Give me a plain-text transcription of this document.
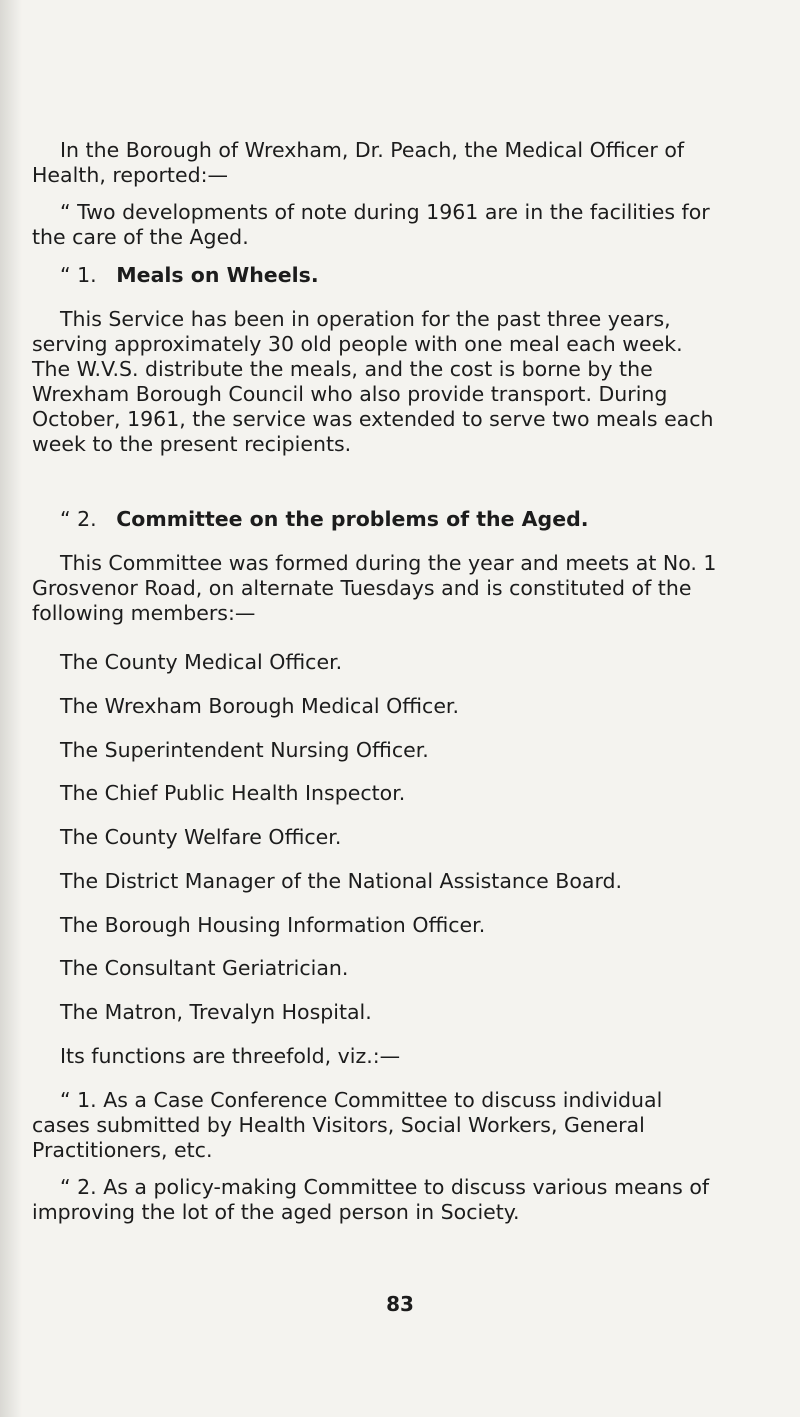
In the Borough of Wrexham, Dr. Peach, the Medical Officer of Health, reported:—

“ Two developments of note during 1961 are in the facilities for the care of the Aged.

“ 1. Meals on Wheels.

This Service has been in operation for the past three years, serving approximately 30 old people with one meal each week. The W.V.S. distribute the meals, and the cost is borne by the Wrexham Borough Council who also provide transport. During October, 1961, the service was extended to serve two meals each week to the present recipients.

“ 2. Committee on the problems of the Aged.

This Committee was formed during the year and meets at No. 1 Grosvenor Road, on alternate Tuesdays and is constituted of the following members:—

The County Medical Officer.
The Wrexham Borough Medical Officer.
The Superintendent Nursing Officer.
The Chief Public Health Inspector.
The County Welfare Officer.
The District Manager of the National Assistance Board.
The Borough Housing Information Officer.
The Consultant Geriatrician.
The Matron, Trevalyn Hospital.
Its functions are threefold, viz.:—

“ 1. As a Case Conference Committee to discuss individual cases submitted by Health Visitors, Social Workers, General Practitioners, etc.

“ 2. As a policy-making Committee to discuss various means of improving the lot of the aged person in Society.

83
